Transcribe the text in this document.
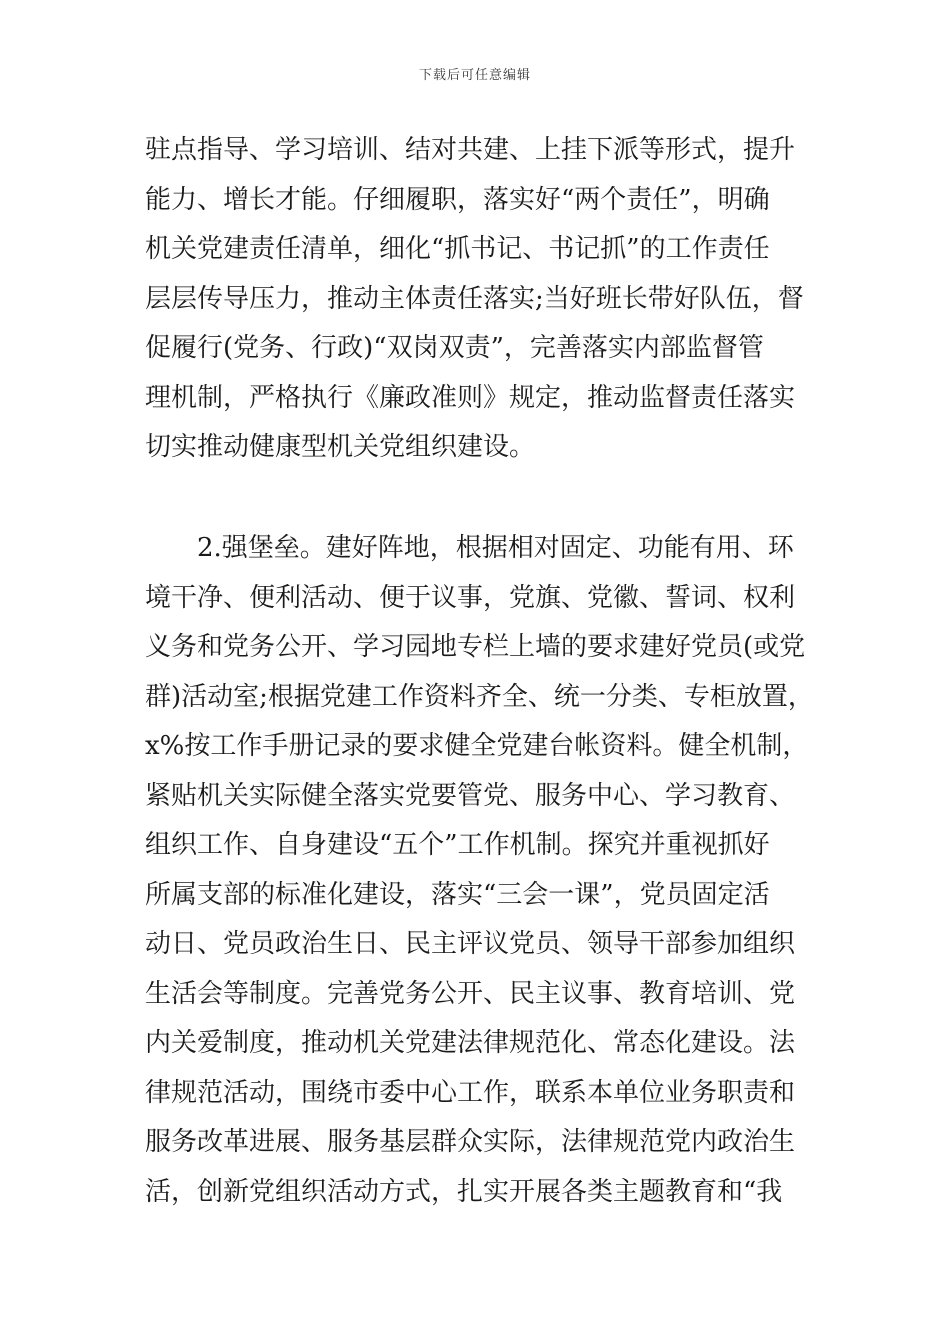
下载后可任意编辑
驻点指导、学习培训、结对共建、上挂下派等形式，提升
能力、增长才能。仔细履职，落实好“两个责任”，明确
机关党建责任清单，细化“抓书记、书记抓”的工作责任
层层传导压力，推动主体责任落实;当好班长带好队伍，督
促履行(党务、行政)“双岗双责”，完善落实内部监督管
理机制，严格执行《廉政准则》规定，推动监督责任落实
切实推动健康型机关党组织建设。
　　2.强堡垒。建好阵地，根据相对固定、功能有用、环
境干净、便利活动、便于议事，党旗、党徽、誓词、权利
义务和党务公开、学习园地专栏上墙的要求建好党员(或党
群)活动室;根据党建工作资料齐全、统一分类、专柜放置，
x%按工作手册记录的要求健全党建台帐资料。健全机制，
紧贴机关实际健全落实党要管党、服务中心、学习教育、
组织工作、自身建设“五个”工作机制。探究并重视抓好
所属支部的标准化建设，落实“三会一课”，党员固定活
动日、党员政治生日、民主评议党员、领导干部参加组织
生活会等制度。完善党务公开、民主议事、教育培训、党
内关爱制度，推动机关党建法律规范化、常态化建设。法
律规范活动，围绕市委中心工作，联系本单位业务职责和
服务改革进展、服务基层群众实际，法律规范党内政治生
活，创新党组织活动方式，扎实开展各类主题教育和“我
